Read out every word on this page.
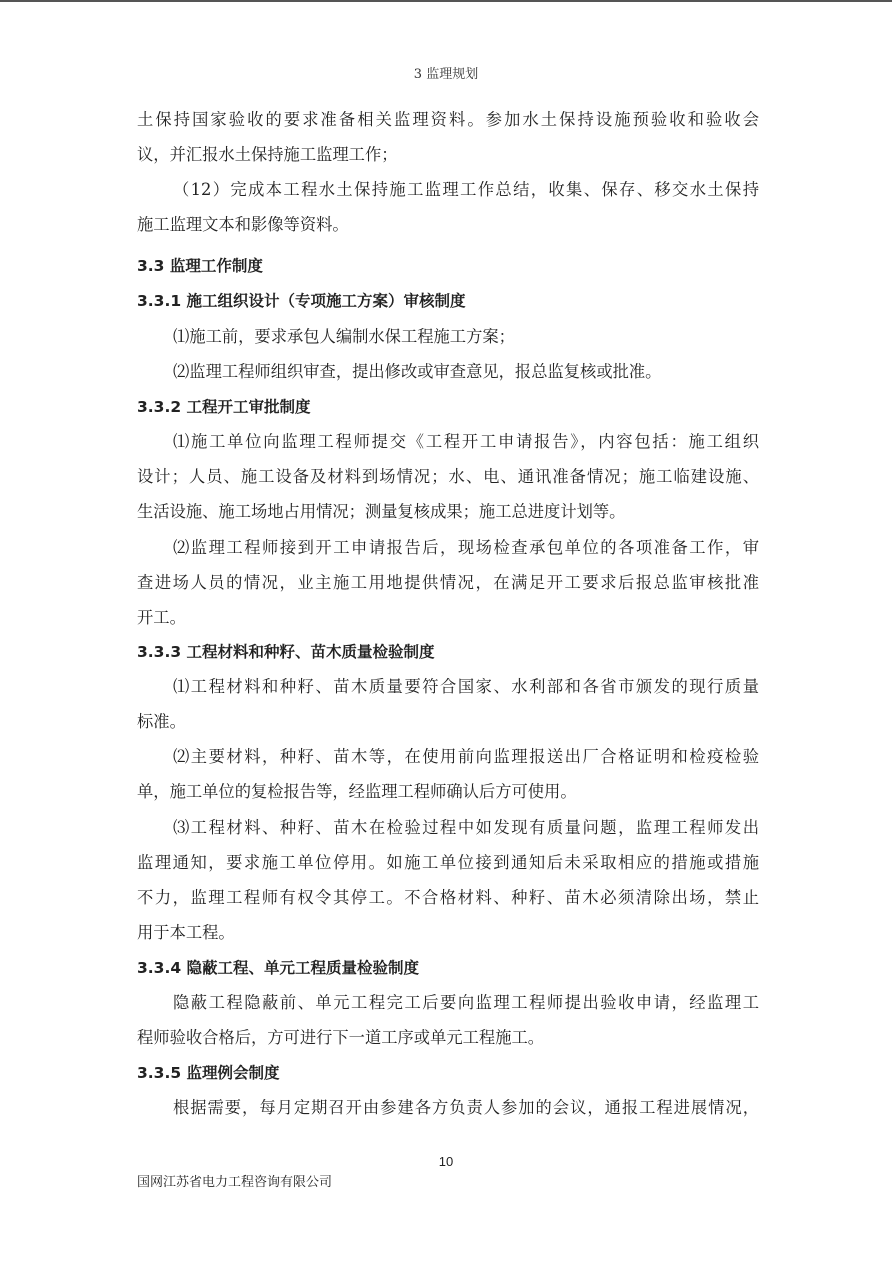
3 监理规划
土保持国家验收的要求准备相关监理资料。参加水土保持设施预验收和验收会
议，并汇报水土保持施工监理工作；
（12）完成本工程水土保持施工监理工作总结，收集、保存、移交水土保持
施工监理文本和影像等资料。
3.3 监理工作制度
3.3.1 施工组织设计（专项施工方案）审核制度
⑴施工前，要求承包人编制水保工程施工方案；
⑵监理工程师组织审查，提出修改或审查意见，报总监复核或批准。
3.3.2 工程开工审批制度
⑴施工单位向监理工程师提交《工程开工申请报告》，内容包括：施工组织
设计；人员、施工设备及材料到场情况；水、电、通讯准备情况；施工临建设施、
生活设施、施工场地占用情况；测量复核成果；施工总进度计划等。
⑵监理工程师接到开工申请报告后，现场检查承包单位的各项准备工作，审
查进场人员的情况，业主施工用地提供情况，在满足开工要求后报总监审核批准
开工。
3.3.3 工程材料和种籽、苗木质量检验制度
⑴工程材料和种籽、苗木质量要符合国家、水利部和各省市颁发的现行质量
标准。
⑵主要材料，种籽、苗木等，在使用前向监理报送出厂合格证明和检疫检验
单，施工单位的复检报告等，经监理工程师确认后方可使用。
⑶工程材料、种籽、苗木在检验过程中如发现有质量问题，监理工程师发出
监理通知，要求施工单位停用。如施工单位接到通知后未采取相应的措施或措施
不力，监理工程师有权令其停工。不合格材料、种籽、苗木必须清除出场，禁止
用于本工程。
3.3.4 隐蔽工程、单元工程质量检验制度
隐蔽工程隐蔽前、单元工程完工后要向监理工程师提出验收申请，经监理工
程师验收合格后，方可进行下一道工序或单元工程施工。
3.3.5 监理例会制度
根据需要，每月定期召开由参建各方负责人参加的会议，通报工程进展情况，
10
国网江苏省电力工程咨询有限公司
